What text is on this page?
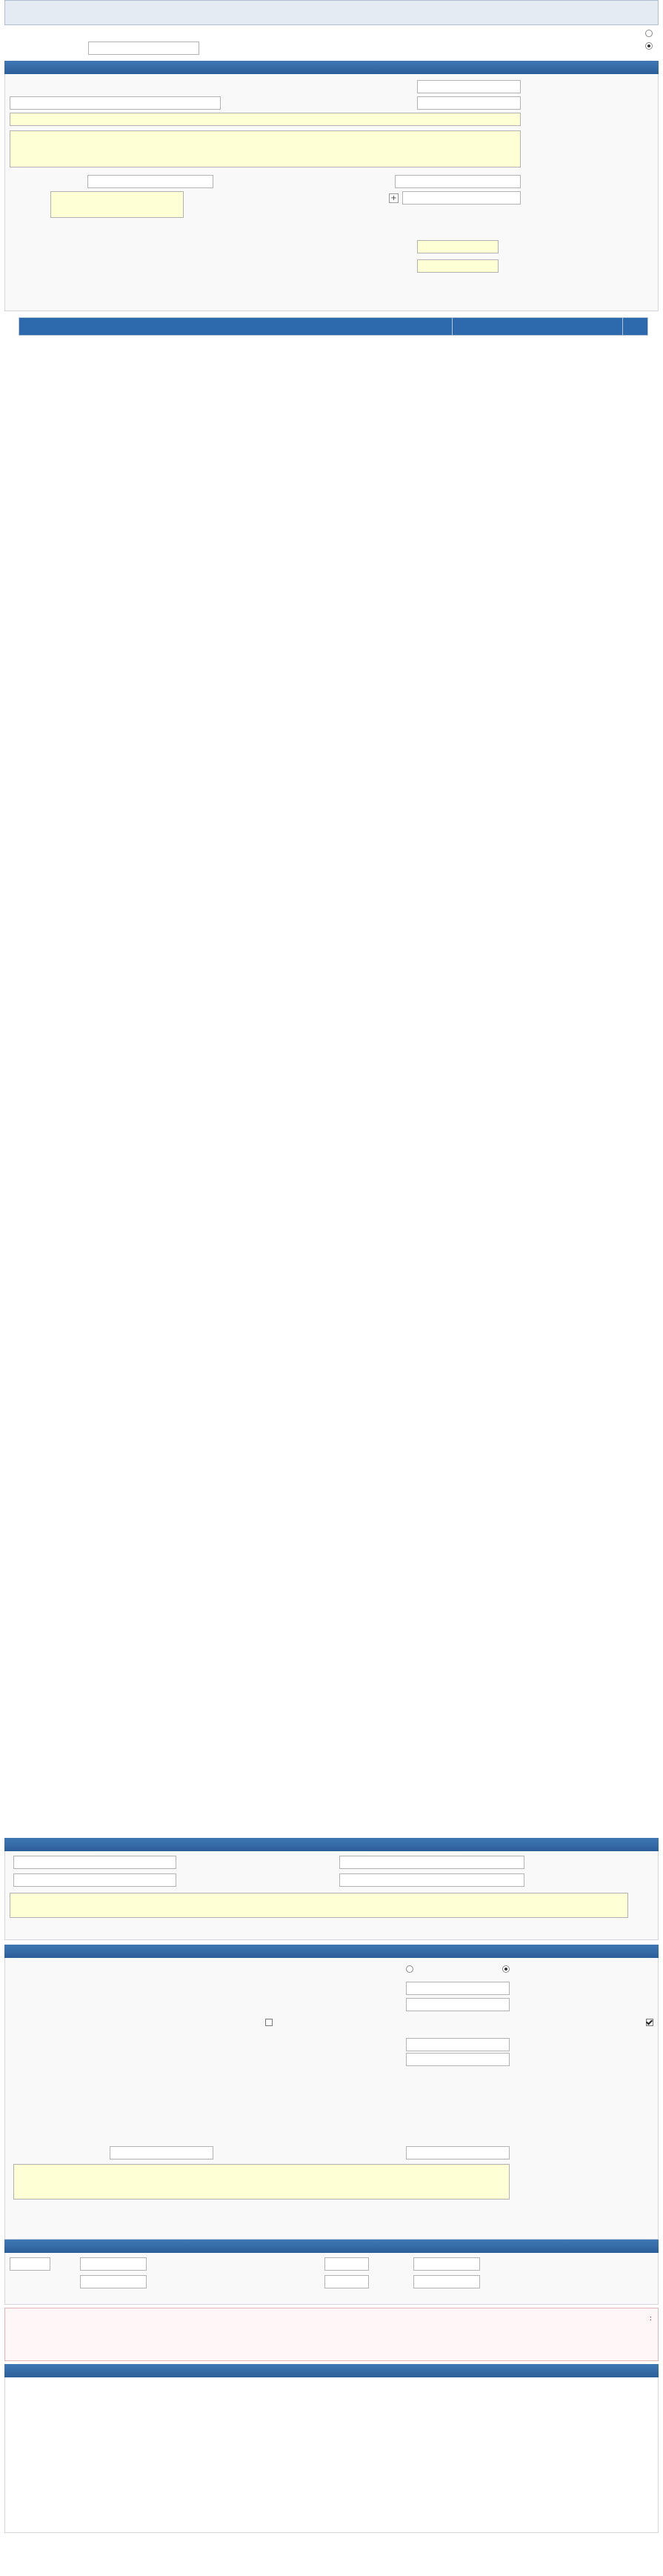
+

:
